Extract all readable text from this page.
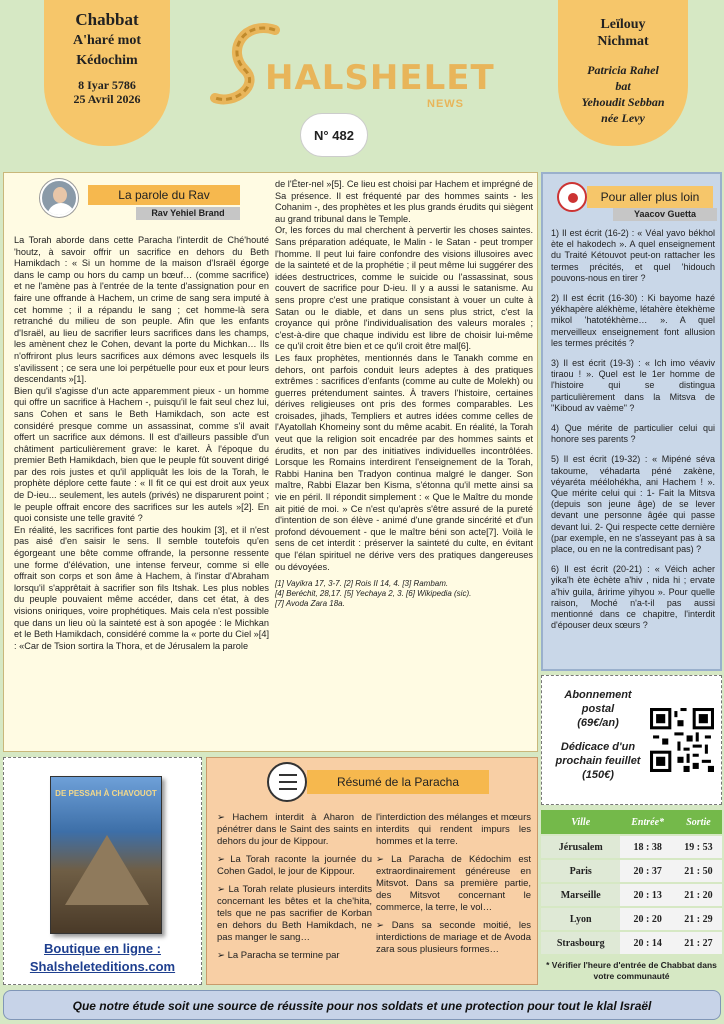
Chabbat
A'haré mot
Kédochim
8 Iyar 5786
25 Avril 2026
HALSHELET
NEWS
N° 482
Leïlouy
Nichmat
Patricia Rahel
bat
Yehoudit Sebban
née Levy
La parole du Rav
Rav Yehiel Brand

La Torah aborde dans cette Paracha l'interdit de Ché'houté 'houtz, à savoir offrir un sacrifice en dehors du Beth Hamikdach : « Si un homme de la maison d'Israël égorge dans le camp ou hors du camp un bœuf… (comme sacrifice) et ne l'amène pas à l'entrée de la tente d'assignation pour en faire une offrande à Hachem, un crime de sang sera imputé à cet homme ; il a répandu le sang ; cet homme-là sera retranché du milieu de son peuple. Afin que les enfants d'Israël, au lieu de sacrifier leurs sacrifices dans les champs, les amènent chez le Cohen, devant la porte du Michkan… Ils n'offriront plus leurs sacrifices aux démons avec lesquels ils s'avilissent ; ce sera une loi perpétuelle pour eux et pour leurs descendants »[1].

Bien qu'il s'agisse d'un acte apparemment pieux - un homme qui offre un sacrifice à Hachem -, puisqu'il le fait seul chez lui, sans Cohen et sans le Beth Hamikdach, son acte est considéré presque comme un assassinat, comme s'il avait offert un sacrifice aux démons. Il est d'ailleurs passible d'un châtiment particulièrement grave: le karet. À l'époque du premier Beth Hamikdach, bien que le peuple fût souvent dirigé par des rois justes et qu'il appliquât les lois de la Torah, le prophète déplore cette faute : « Il fit ce qui est droit aux yeux de D-ieu... seulement, les autels (privés) ne disparurent point ; le peuple offrait encore des sacrifices sur les autels »[2]. En quoi consiste une telle gravité ?

En réalité, les sacrifices font partie des houkim [3], et il n'est pas aisé d'en saisir le sens. Il semble toutefois qu'en égorgeant une bête comme offrande, la personne ressente une forme d'élévation, une intense ferveur, comme si elle offrait son corps et son âme à Hachem, à l'instar d'Abraham lorsqu'il s'apprêtait à sacrifier son fils Itshak. Les plus nobles du peuple pouvaient même accéder, dans cet état, à des visions oniriques, voire prophétiques. Mais cela n'est possible que dans un lieu où la sainteté est à son apogée : le Michkan et le Beth Hamikdach, considéré comme la « porte du Ciel »[4] : «Car de Tsion sortira la Thora, et de Jérusalem la parole

de l'Éter-nel »[5]. Ce lieu est choisi par Hachem et imprégné de Sa présence. Il est fréquenté par des hommes saints - les Cohanim -, des prophètes et les plus grands érudits qui siègent au grand tribunal dans le Temple.

Or, les forces du mal cherchent à pervertir les choses saintes. Sans préparation adéquate, le Malin - le Satan - peut tromper l'homme. Il peut lui faire confondre des visions illusoires avec de la sainteté et de la prophétie ; il peut même lui suggérer des idées destructrices, comme le suicide ou l'assassinat, sous couvert de sacrifice pour D-ieu. Il y a aussi le satanisme. Au sens propre c'est une pratique consistant à vouer un culte à Satan ou le diable, et dans un sens plus strict, c'est la croyance qui prône l'individualisation des valeurs morales ; c'est-à-dire que chaque individu est libre de choisir lui-même ce qu'il croit être bien et ce qu'il croit être mal[6].

Les faux prophètes, mentionnés dans le Tanakh comme en dehors, ont parfois conduit leurs adeptes à des pratiques extrêmes : sacrifices d'enfants (comme au culte de Molekh) ou guerres prétendument saintes. À travers l'histoire, certaines dérives religieuses ont pris des formes comparables. Les croisades, jihads, Templiers et autres idées comme celles de l'Ayatollah Khomeiny sont du même acabit. En réalité, la Torah veut que la religion soit encadrée par des hommes saints et érudits, et non par des initiatives individuelles incontrôlées. Lorsque les Romains interdirent l'enseignement de la Torah, Rabbi Hanina ben Tradyon continua malgré le danger. Son maître, Rabbi Elazar ben Kisma, s'étonna qu'il mette ainsi sa vie en péril. Il répondit simplement : « Que le Maître du monde ait pitié de moi. » Ce n'est qu'après s'être assuré de la pureté d'intention de son élève - animé d'une grande sincérité et d'un profond dévouement - que le maître béni son acte[7]. Voilà le sens de cet interdit : préserver la sainteté du culte, en évitant que l'élan spirituel ne dérive vers des pratiques dangereuses ou dévoyées.

[1] Vayikra 17, 3-7. [2] Rois II 14, 4. [3] Rambam.
[4] Beréchit, 28,17. [5] Yechaya 2, 3. [6] Wikipedia (sic).
[7] Avoda Zara 18a.
Pour aller plus loin
Yaacov Guetta

1) Il est écrit (16-2) : « Véal yavo békhol ète el hakodech ». A quel enseignement du Traité Kétouvot peut-on rattacher les termes précités, et quel 'hidouch pouvons-nous en tirer ?

2) Il est écrit (16-30) : Ki bayome hazé yékhapère alékhème, létahère ètekhème mikol 'hatotékhème… ». A quel merveilleux enseignement font allusion les termes précités ?

3) Il est écrit (19-3) : « Ich imo véaviv tiraou ! ». Quel est le 1er homme de l'histoire qui se distingua particulièrement dans la Mitsva de "Kiboud av vaème" ?

4) Que mérite de particulier celui qui honore ses parents ?

5) Il est écrit (19-32) : « Mipéné séva takoume, véhadarta péné zakène, véyaréta méélohékha, ani Hachem ! ». Que mérite celui qui : 1- Fait la Mitsva (depuis son jeune âge) de se lever devant une personne âgée qui passe devant lui. 2- Qui respecte cette dernière (par exemple, en ne s'asseyant pas à sa place, ou en ne la contredisant pas) ?

6) Il est écrit (20-21) : « Véich acher yika'h ète èchète a'hiv , nida hi ; ervate a'hiv guila, âririme yihyou ». Pour quelle raison, Moché n'a-t-il pas aussi mentionné dans ce chapitre, l'interdit d'épouser deux sœurs ?

Abonnement
postal
(69€/an)
Dédicace d'un
prochain feuillet
(150€)
Ville	Entrée*	Sortie
Jérusalem	18 : 38	19 : 53
Paris	20 : 37	21 : 50
Marseille	20 : 13	21 : 20
Lyon	20 : 20	21 : 29
Strasbourg	20 : 14	21 : 27
* Vérifier l'heure d'entrée de Chabbat dans votre communauté
DE PESSAH À CHAVOUOT
Boutique en ligne :
Shalsheleteditions.com
Résumé de la Paracha

➢ Hachem interdit à Aharon de pénétrer dans le Saint des saints en dehors du jour de Kippour.

➢ La Torah raconte la journée du Cohen Gadol, le jour de Kippour.

➢ La Torah relate plusieurs interdits concernant les bêtes et la che'hita, tels que ne pas sacrifier de Korban en dehors du Beth Hamikdach, ne pas manger le sang…

➢ La Paracha se termine par

l'interdiction des mélanges et mœurs interdits qui rendent impurs les hommes et la terre.

➢ La Paracha de Kédochim est extraordinairement généreuse en Mitsvot. Dans sa première partie, des Mitsvot concernant le commerce, la terre, le vol…

➢ Dans sa seconde moitié, les interdictions de mariage et de Avoda zara sous plusieurs formes…

Que notre étude soit une source de réussite pour nos soldats et une protection pour tout le klal Israël
